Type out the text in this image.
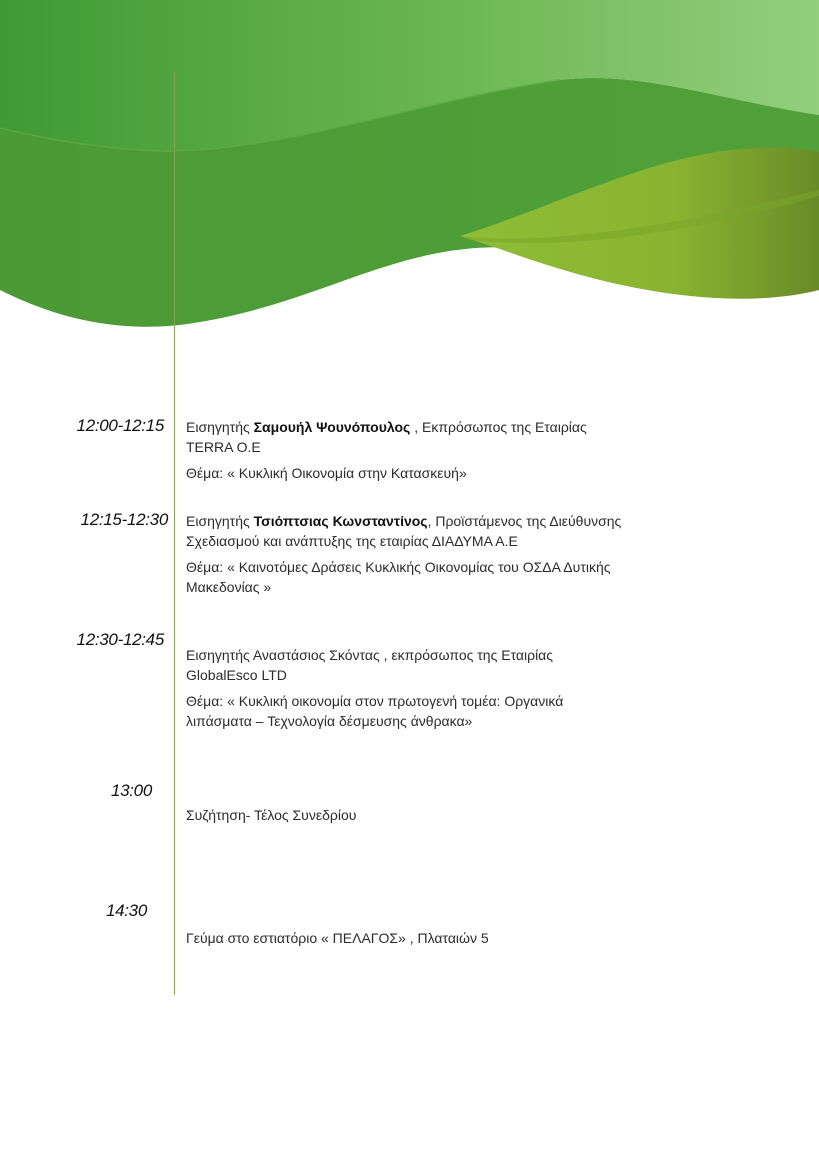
12:00-12:15 Εισηγητής Σαμουήλ Ψουνόπουλος , Εκπρόσωπος της Εταιρίας TERRA O.E

Θέμα: « Κυκλική Οικονομία στην Κατασκευή»

12:15-12:30 Εισηγητής Τσιόπτσιας Κωνσταντίνος, Προϊστάμενος της Διεύθυνσης Σχεδιασμού και ανάπτυξης της εταιρίας ΔΙΑΔΥΜΑ Α.Ε

Θέμα: « Καινοτόμες Δράσεις Κυκλικής Οικονομίας του ΟΣΔΑ Δυτικής Μακεδονίας »

12:30-12:45

Εισηγητής Αναστάσιος Σκόντας , εκπρόσωπος της Εταιρίας GlobalEsco LTD

Θέμα: « Κυκλική οικονομία στον πρωτογενή τομέα: Οργανικά λιπάσματα – Τεχνολογία δέσμευσης άνθρακα»

13:00

Συζήτηση- Τέλος Συνεδρίου

14:30

Γεύμα στο εστιατόριο « ΠΕΛΑΓΟΣ» , Πλαταιών 5
